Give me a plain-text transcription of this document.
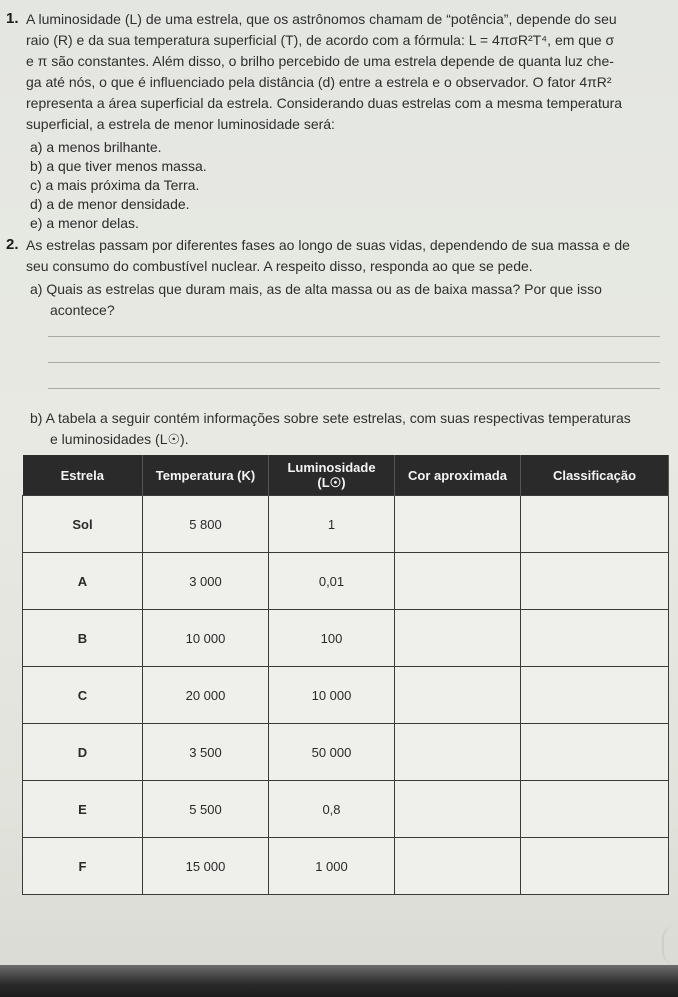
1. A luminosidade (L) de uma estrela, que os astrônomos chamam de “potência”, depende do seu
raio (R) e da sua temperatura superficial (T), de acordo com a fórmula: L = 4πσR²T⁴, em que σ
e π são constantes. Além disso, o brilho percebido de uma estrela depende de quanta luz che-
ga até nós, o que é influenciado pela distância (d) entre a estrela e o observador. O fator 4πR²
representa a área superficial da estrela. Considerando duas estrelas com a mesma temperatura
superficial, a estrela de menor luminosidade será:
a) a menos brilhante.
b) a que tiver menos massa.
c) a mais próxima da Terra.
d) a de menor densidade.
e) a menor delas.
2. As estrelas passam por diferentes fases ao longo de suas vidas, dependendo de sua massa e de
seu consumo do combustível nuclear. A respeito disso, responda ao que se pede.
a) Quais as estrelas que duram mais, as de alta massa ou as de baixa massa? Por que isso
acontece?
b) A tabela a seguir contém informações sobre sete estrelas, com suas respectivas temperaturas
e luminosidades (L☉).
Estrela	Temperatura (K)	Luminosidade (L☉)	Cor aproximada	Classificação
Sol	5 800	1		
A	3 000	0,01		
B	10 000	100		
C	20 000	10 000		
D	3 500	50 000		
E	5 500	0,8		
F	15 000	1 000		
